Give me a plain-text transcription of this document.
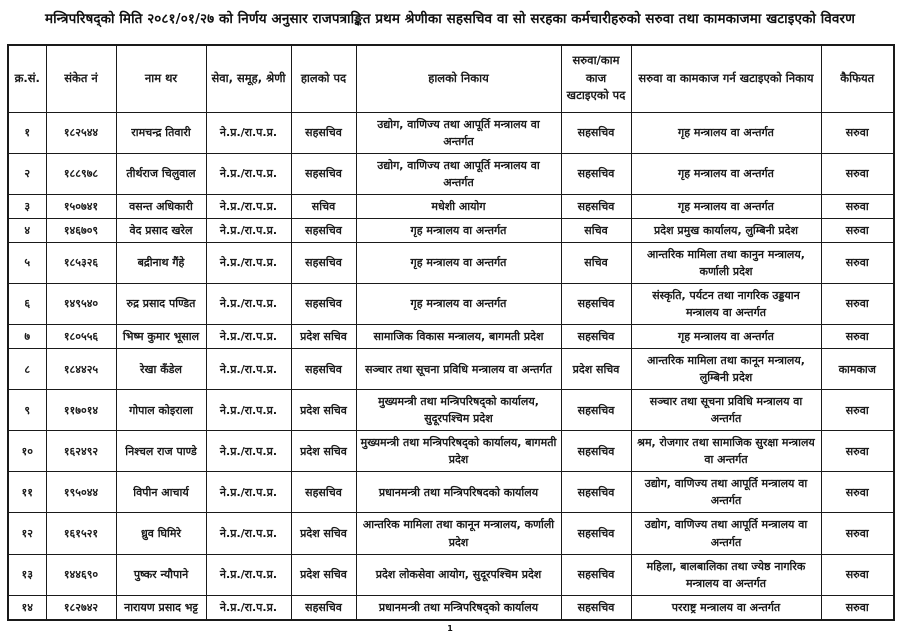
मन्त्रिपरिषद्को मिति २०८१/०१/२७ को निर्णय अनुसार राजपत्राङ्कित प्रथम श्रेणीका सहसचिव वा सो सरहका कर्मचारीहरुको सरुवा तथा कामकाजमा खटाइएको विवरण
क्र.सं.	संकेत नं	नाम थर	सेवा, समूह, श्रेणी	हालको पद	हालको निकाय	सरुवा/काम काज खटाइएको पद	सरुवा वा कामकाज गर्न खटाइएको निकाय	कैफियत
१	१८२५४४	रामचन्द्र तिवारी	ने.प्र./रा.प.प्र.	सहसचिव	उद्योग, वाणिज्य तथा आपूर्ति मन्त्रालय वा अन्तर्गत	सहसचिव	गृह मन्त्रालय वा अन्तर्गत	सरुवा
२	१८८९७८	तीर्थराज चिलुवाल	ने.प्र./रा.प.प्र.	सहसचिव	उद्योग, वाणिज्य तथा आपूर्ति मन्त्रालय वा अन्तर्गत	सहसचिव	गृह मन्त्रालय वा अन्तर्गत	सरुवा
३	१५०७४१	वसन्त अधिकारी	ने.प्र./रा.प.प्र.	सचिव	मधेशी आयोग	सहसचिव	गृह मन्त्रालय वा अन्तर्गत	सरुवा
४	१४६७०९	वेद प्रसाद खरेल	ने.प्र./रा.प.प्र.	सहसचिव	गृह मन्त्रालय वा अन्तर्गत	सचिव	प्रदेश प्रमुख कार्यालय, लुम्बिनी प्रदेश	सरुवा
५	१८५३२६	बद्रीनाथ गैंहे	ने.प्र./रा.प.प्र.	सहसचिव	गृह मन्त्रालय वा अन्तर्गत	सचिव	आन्तरिक मामिला तथा कानुन मन्त्रालय, कर्णाली प्रदेश	सरुवा
६	१४९५४०	रुद्र प्रसाद पण्डित	ने.प्र./रा.प.प्र.	सहसचिव	गृह मन्त्रालय वा अन्तर्गत	सहसचिव	संस्कृति, पर्यटन तथा नागरिक उड्डयान मन्त्रालय वा अन्तर्गत	सरुवा
७	१८०५५६	भिष्म कुमार भूसाल	ने.प्र./रा.प.प्र.	प्रदेश सचिव	सामाजिक विकास मन्त्रालय, बागमती प्रदेश	सहसचिव	गृह मन्त्रालय वा अन्तर्गत	सरुवा
८	१८४४२५	रेखा कँडेल	ने.प्र./रा.प.प्र.	सहसचिव	सञ्चार तथा सूचना प्रविधि मन्त्रालय वा अन्तर्गत	प्रदेश सचिव	आन्तरिक मामिला तथा कानून मन्त्रालय, लुम्बिनी प्रदेश	कामकाज
९	११७०१४	गोपाल कोइराला	ने.प्र./रा.प.प्र.	प्रदेश सचिव	मुख्यमन्त्री तथा मन्त्रिपरिषद्को कार्यालय, सुदूरपश्चिम प्रदेश	सहसचिव	सञ्चार तथा सूचना प्रविधि मन्त्रालय वा अन्तर्गत	सरुवा
१०	१६२४९२	निश्चल राज पाण्डे	ने.प्र./रा.प.प्र.	प्रदेश सचिव	मुख्यमन्त्री तथा मन्त्रिपरिषद्को कार्यालय, बागमती प्रदेश	सहसचिव	श्रम, रोजगार तथा सामाजिक सुरक्षा मन्त्रालय वा अन्तर्गत	सरुवा
११	१९५०४४	विपीन आचार्य	ने.प्र./रा.प.प्र.	सहसचिव	प्रधानमन्त्री तथा मन्त्रिपरिषदको कार्यालय	सहसचिव	उद्योग, वाणिज्य तथा आपूर्ति मन्त्रालय वा अन्तर्गत	सरुवा
१२	१६१५२१	ध्रुव घिमिरे	ने.प्र./रा.प.प्र.	प्रदेश सचिव	आन्तरिक मामिला तथा कानून मन्त्रालय, कर्णाली प्रदेश	सहसचिव	उद्योग, वाणिज्य तथा आपूर्ति मन्त्रालय वा अन्तर्गत	सरुवा
१३	१४४६९०	पुष्कर न्यौपाने	ने.प्र./रा.प.प्र.	प्रदेश सचिव	प्रदेश लोकसेवा आयोग, सुदूरपश्चिम प्रदेश	सहसचिव	महिला, बालबालिका तथा ज्येष्ठ नागरिक मन्त्रालय वा अन्तर्गत	सरुवा
१४	१८२७४२	नारायण प्रसाद भट्ट	ने.प्र./रा.प.प्र.	सहसचिव	प्रधानमन्त्री तथा मन्त्रिपरिषद्को कार्यालय	सहसचिव	परराष्ट्र मन्त्रालय वा अन्तर्गत	सरुवा
1
